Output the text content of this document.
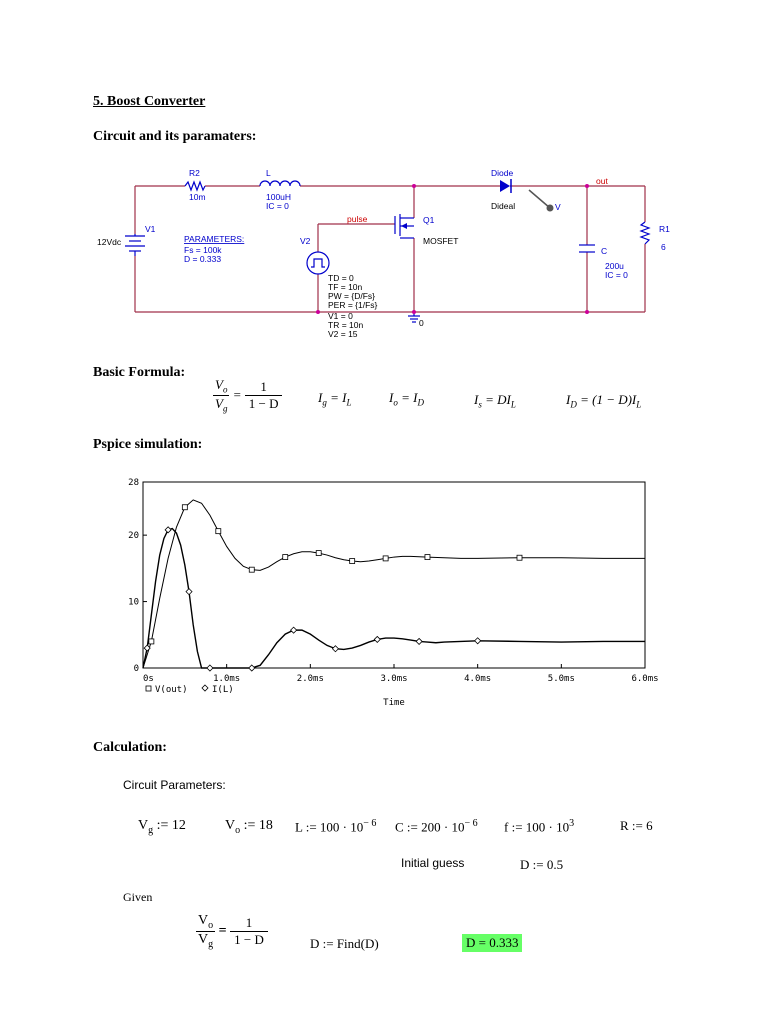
5. Boost Converter
Circuit and its paramaters:
R2
10m
L
100uH
IC = 0
Diode
V1
PARAMETERS:
Fs = 100k
D = 0.333
V2
Q1
C
200u
IC = 0
R1
6
V
Dideal
12Vdc	MOSFET
TD = 0
TF = 10n
PW = {D/Fs}
PER = {1/Fs}
V1 = 0
TR = 10n
V2 = 15
0
pulse
out
Basic Formula:
$\frac{V_o}{V_g} = \frac{1}{1 - D}$	$I_g = I_L$	$I_o = I_D$	$I_s = DI_L$	$I_D = (1 - D)I_L$
Pspice simulation:
0s	1.0ms	2.0ms	3.0ms	4.0ms	5.0ms	6.0ms
0
10
20
28
V(out)	I(L)
Time
Calculation:
Circuit Parameters:
$V_g$ := 12	$V_o$ := 18 L := $100 \cdot 10^{- 6}$ C := $200 \cdot 10^{- 6}$ f := $100 \cdot 10^3$	R := 6
Initial guess	D := 0.5
Given
$\frac{V_o}{V_g} = \frac{1}{1 - D}$	D := Find(D)	D = 0.333
